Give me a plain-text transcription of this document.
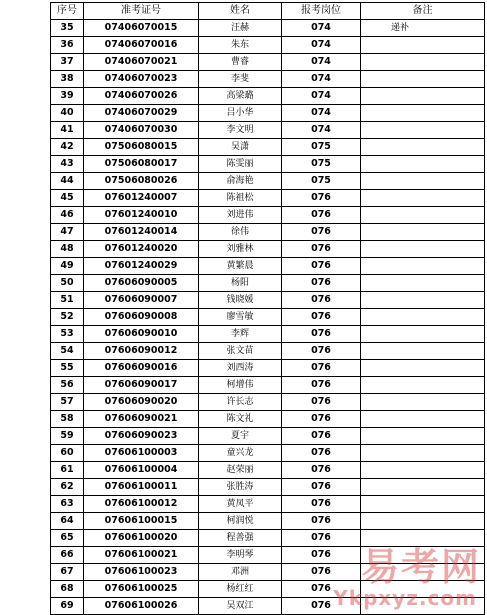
序号	准考证号	姓名	报考岗位	备注
35	07406070015	汪赫	074	递补
36	07406070016	朱东	074	
37	07406070021	曹睿	074	
38	07406070023	李斐	074	
39	07406070026	高梁璐	074	
40	07406070029	吕小华	074	
41	07406070030	李文明	074	
42	07506080015	吴潇	075	
43	07506080017	陈雯丽	075	
44	07506080026	俞海艳	075	
45	07601240007	陈祖松	076	
46	07601240010	刘进伟	076	
47	07601240014	徐伟	076	
48	07601240020	刘雅林	076	
49	07601240029	黄繁晨	076	
50	07606090005	杨阳	076	
51	07606090007	钱晓媛	076	
52	07606090008	廖雪敏	076	
53	07606090010	李辉	076	
54	07606090012	张文苗	076	
55	07606090016	刘西涛	076	
56	07606090017	柯增伟	076	
57	07606090020	许长志	076	
58	07606090021	陈文礼	076	
59	07606090023	夏宇	076	
60	07606100003	童兴龙	076	
61	07606100004	赵荣丽	076	
62	07606100011	张胜涛	076	
63	07606100012	黄凤平	076	
64	07606100015	柯润悦	076	
65	07606100020	程善强	076	
66	07606100021	李明琴	076	
67	07606100023	邓洲	076	
68	07606100025	杨红红	076	
69	07606100026	吴双江	076	
易考网
Ykpxyz.com
